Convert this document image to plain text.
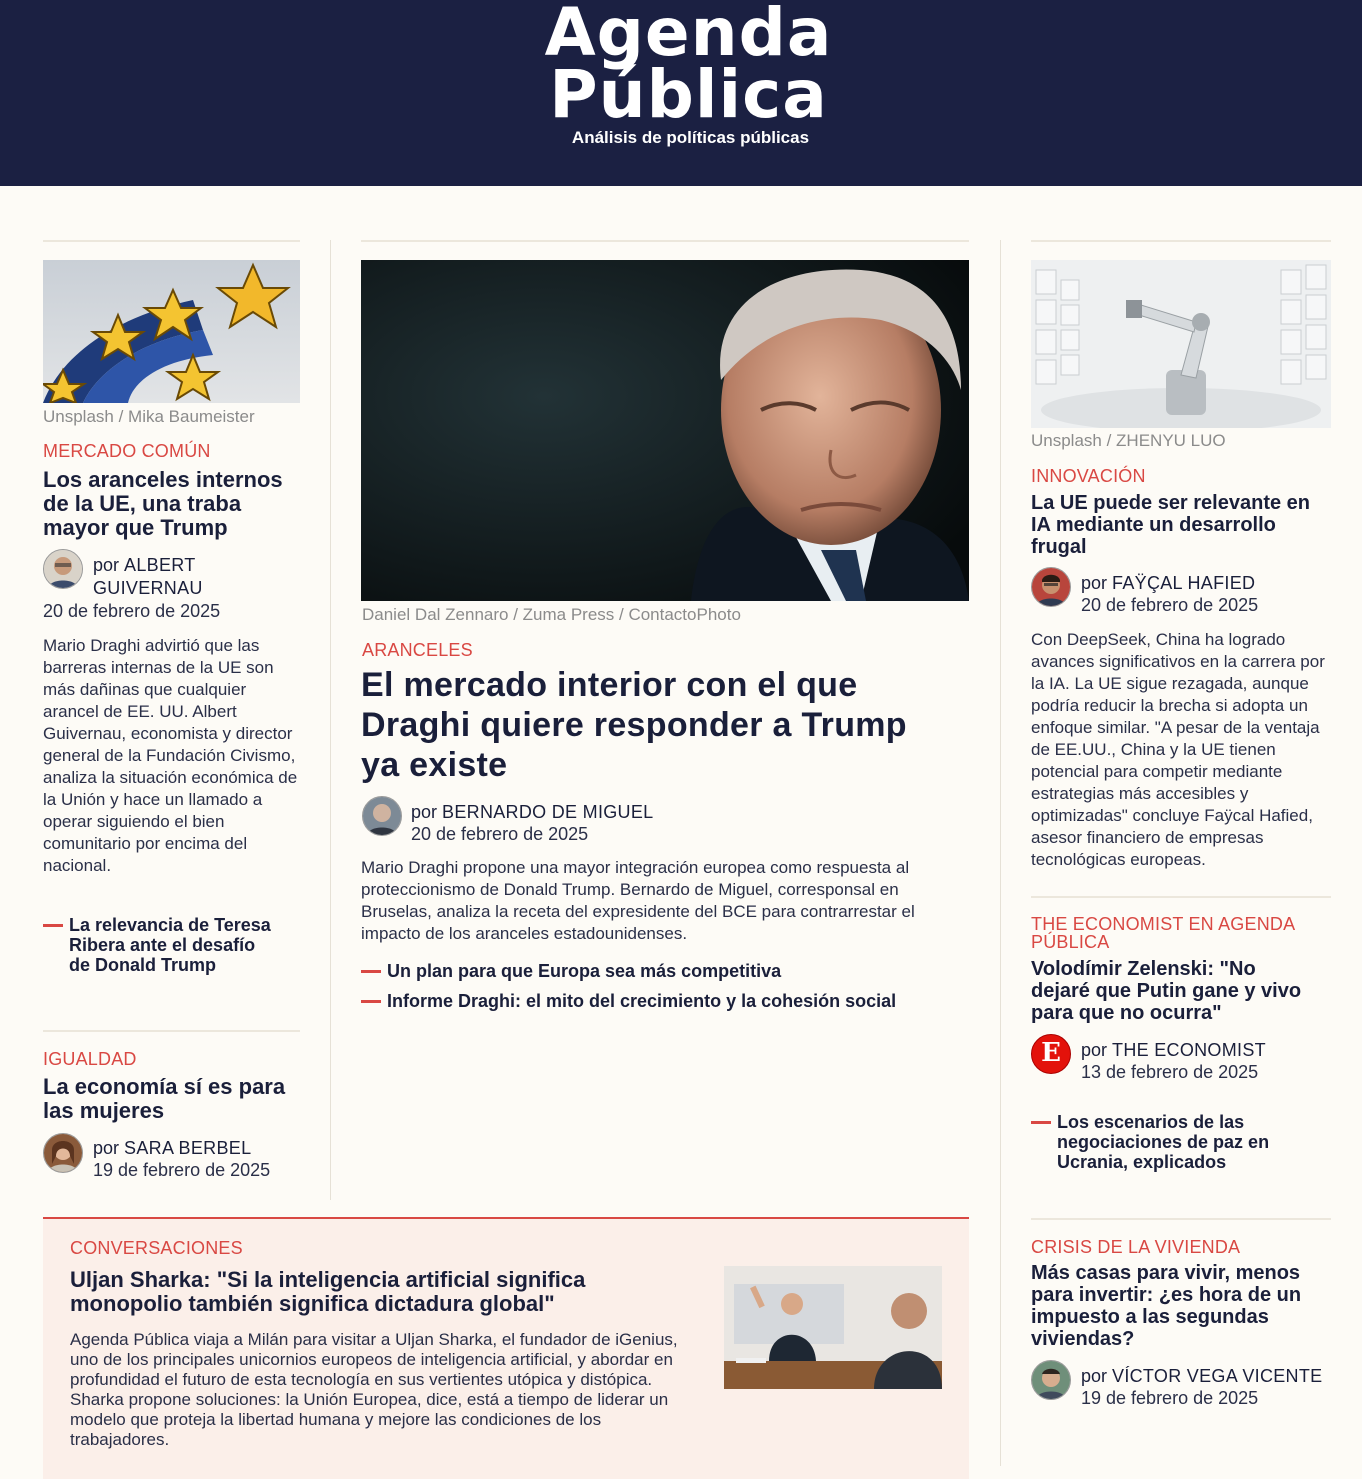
Agenda
Pública
Análisis de políticas públicas
Unsplash / Mika Baumeister
MERCADO COMÚN
Los aranceles internos
de la UE, una traba
mayor que Trump
por ALBERT
GUIVERNAU
20 de febrero de 2025

Mario Draghi advirtió que las barreras internas de la UE son más dañinas que cualquier arancel de EE. UU. Albert Guivernau, economista y director general de la Fundación Civismo, analiza la situación económica de la Unión y hace un llamado a operar siguiendo el bien comunitario por encima del nacional.

La relevancia de Teresa
Ribera ante el desafío
de Donald Trump
IGUALDAD
La economía sí es para
las mujeres
por SARA BERBEL
19 de febrero de 2025
Daniel Dal Zennaro / Zuma Press / ContactoPhoto
ARANCELES
El mercado interior con el que
Draghi quiere responder a Trump
ya existe
por BERNARDO DE MIGUEL
20 de febrero de 2025

Mario Draghi propone una mayor integración europea como respuesta al proteccionismo de Donald Trump. Bernardo de Miguel, corresponsal en Bruselas, analiza la receta del expresidente del BCE para contrarrestar el impacto de los aranceles estadounidenses.

Un plan para que Europa sea más competitiva
Informe Draghi: el mito del crecimiento y la cohesión social
Unsplash / ZHENYU LUO
INNOVACIÓN
La UE puede ser relevante en
IA mediante un desarrollo
frugal
por FAŸÇAL HAFIED
20 de febrero de 2025

Con DeepSeek, China ha logrado avances significativos en la carrera por la IA. La UE sigue rezagada, aunque podría reducir la brecha si adopta un enfoque similar. "A pesar de la ventaja de EE.UU., China y la UE tienen potencial para competir mediante estrategias más accesibles y optimizadas" concluye Faÿcal Hafied, asesor financiero de empresas tecnológicas europeas.

THE ECONOMIST EN AGENDA
PÚBLICA
Volodímir Zelenski: "No
dejaré que Putin gane y vivo
para que no ocurra"
E	por THE ECONOMIST
13 de febrero de 2025
Los escenarios de las
negociaciones de paz en
Ucrania, explicados
CRISIS DE LA VIVIENDA
Más casas para vivir, menos
para invertir: ¿es hora de un
impuesto a las segundas
viviendas?
por VÍCTOR VEGA VICENTE
19 de febrero de 2025
CONVERSACIONES
Uljan Sharka: "Si la inteligencia artificial significa
monopolio también significa dictadura global"

Agenda Pública viaja a Milán para visitar a Uljan Sharka, el fundador de iGenius, uno de los principales unicornios europeos de inteligencia artificial, y abordar en profundidad el futuro de esta tecnología en sus vertientes utópica y distópica. Sharka propone soluciones: la Unión Europea, dice, está a tiempo de liderar un modelo que proteja la libertad humana y mejore las condiciones de los trabajadores.
